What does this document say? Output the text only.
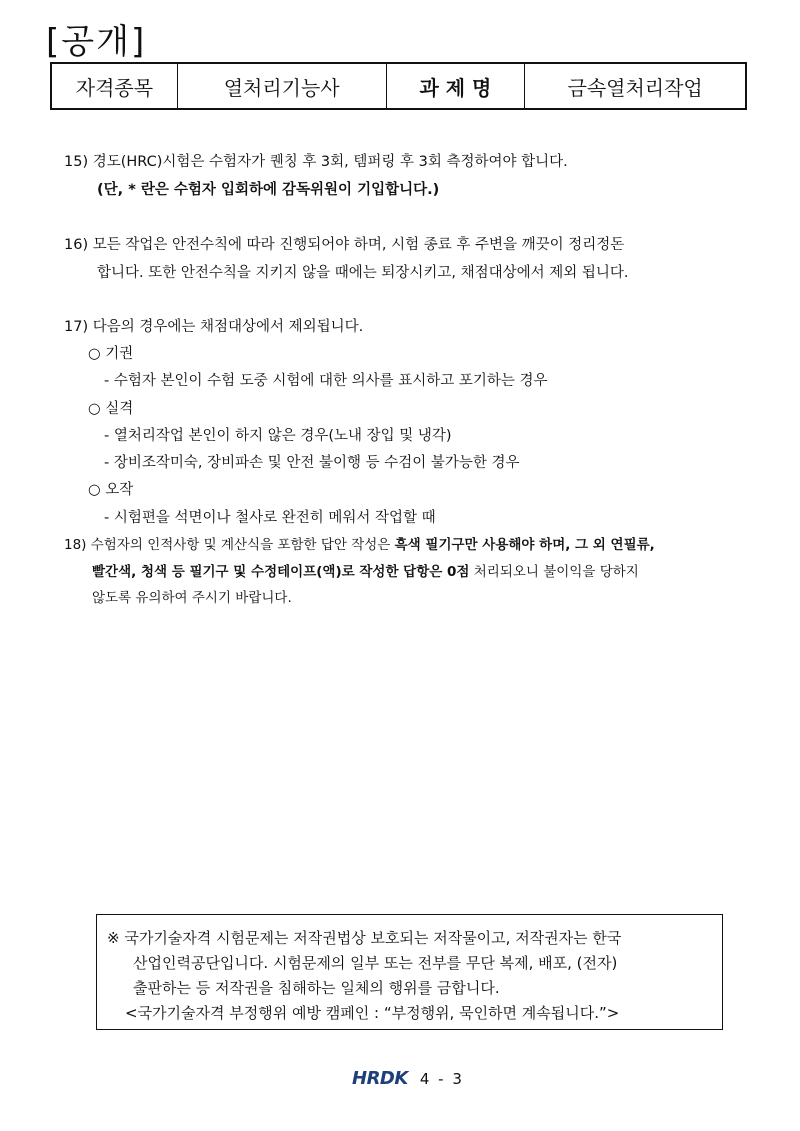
[공개]
자격종목	열처리기능사	과 제 명	금속열처리작업
15) 경도(HRC)시험은 수험자가 퀜칭 후 3회, 템퍼링 후 3회 측정하여야 합니다.
(단, * 란은 수험자 입회하에 감독위원이 기입합니다.)
16) 모든 작업은 안전수칙에 따라 진행되어야 하며, 시험 종료 후 주변을 깨끗이 정리정돈
합니다. 또한 안전수칙을 지키지 않을 때에는 퇴장시키고, 채점대상에서 제외 됩니다.
17) 다음의 경우에는 채점대상에서 제외됩니다.
○ 기권
- 수험자 본인이 수험 도중 시험에 대한 의사를 표시하고 포기하는 경우
○ 실격
- 열처리작업 본인이 하지 않은 경우(노내 장입 및 냉각)
- 장비조작미숙, 장비파손 및 안전 불이행 등 수검이 불가능한 경우
○ 오작
- 시험편을 석면이나 철사로 완전히 메워서 작업할 때
18) 수험자의 인적사항 및 계산식을 포함한 답안 작성은 흑색 필기구만 사용해야 하며, 그 외 연필류,
빨간색, 청색 등 필기구 및 수정테이프(액)로 작성한 답항은 0점 처리되오니 불이익을 당하지
않도록 유의하여 주시기 바랍니다.
※ 국가기술자격 시험문제는 저작권법상 보호되는 저작물이고, 저작권자는 한국
산업인력공단입니다. 시험문제의 일부 또는 전부를 무단 복제, 배포, (전자)
출판하는 등 저작권을 침해하는 일체의 행위를 금합니다.
<국가기술자격 부정행위 예방 캠페인 : “부정행위, 묵인하면 계속됩니다.”>
HRDK 4 - 3
